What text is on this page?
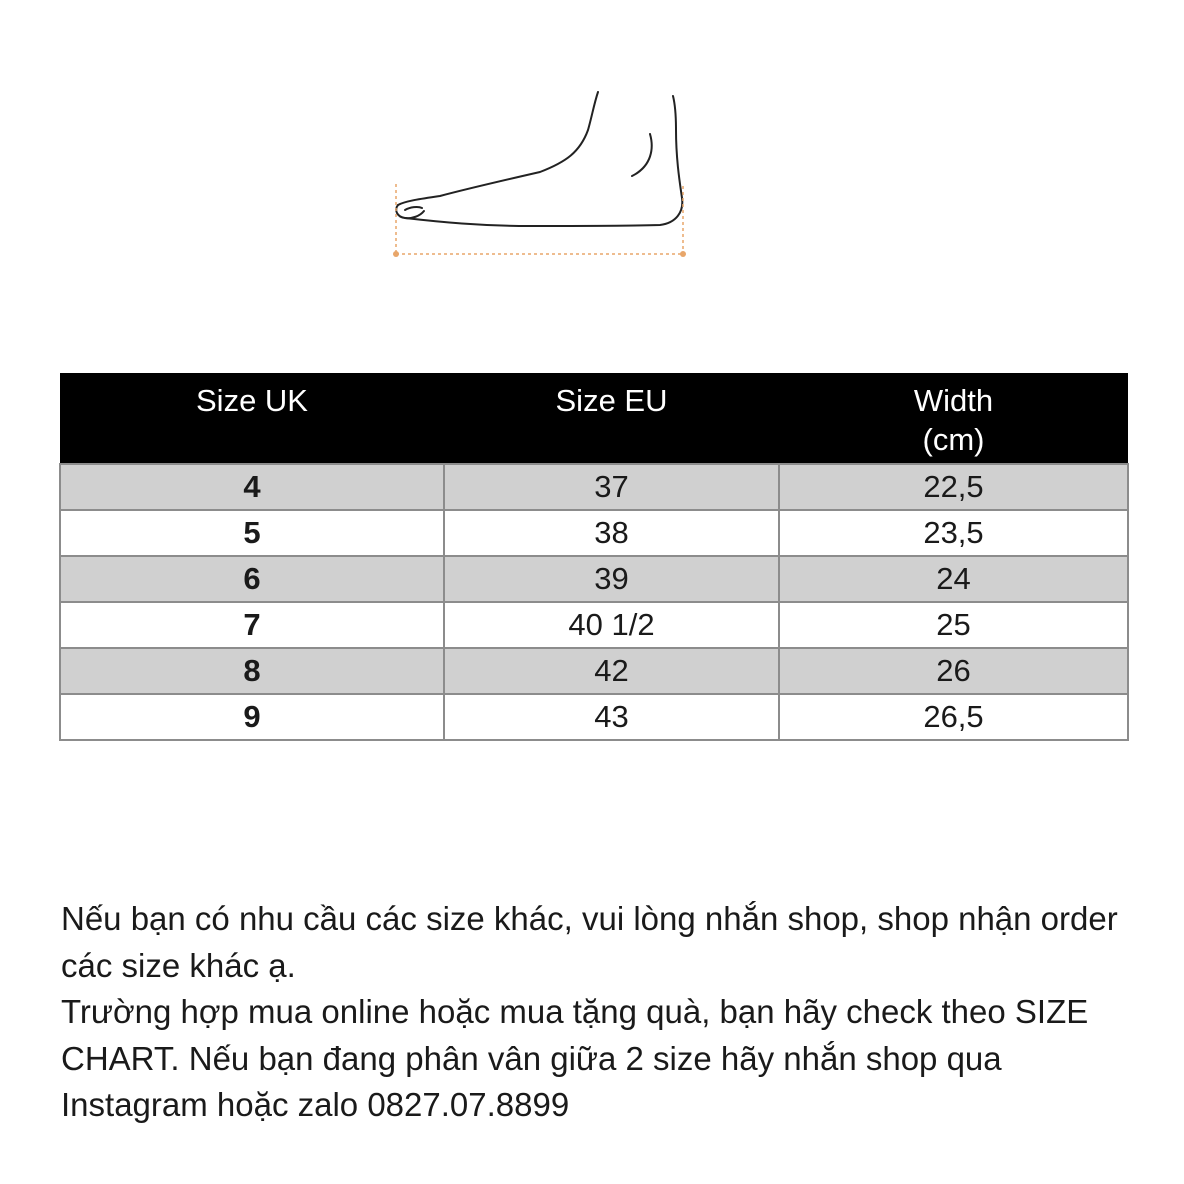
Size UK	Size EU	Width
(cm)

4	37	22,5
5	38	23,5
6	39	24
7	40 1/2	25
8	42	26
9	43	26,5

Nếu bạn có nhu cầu các size khác, vui lòng nhắn shop, shop nhận order các size khác ạ.

Trường hợp mua online hoặc mua tặng quà, bạn hãy check theo SIZE CHART. Nếu bạn đang phân vân giữa 2 size hãy nhắn shop qua Instagram hoặc zalo 0827.07.8899
